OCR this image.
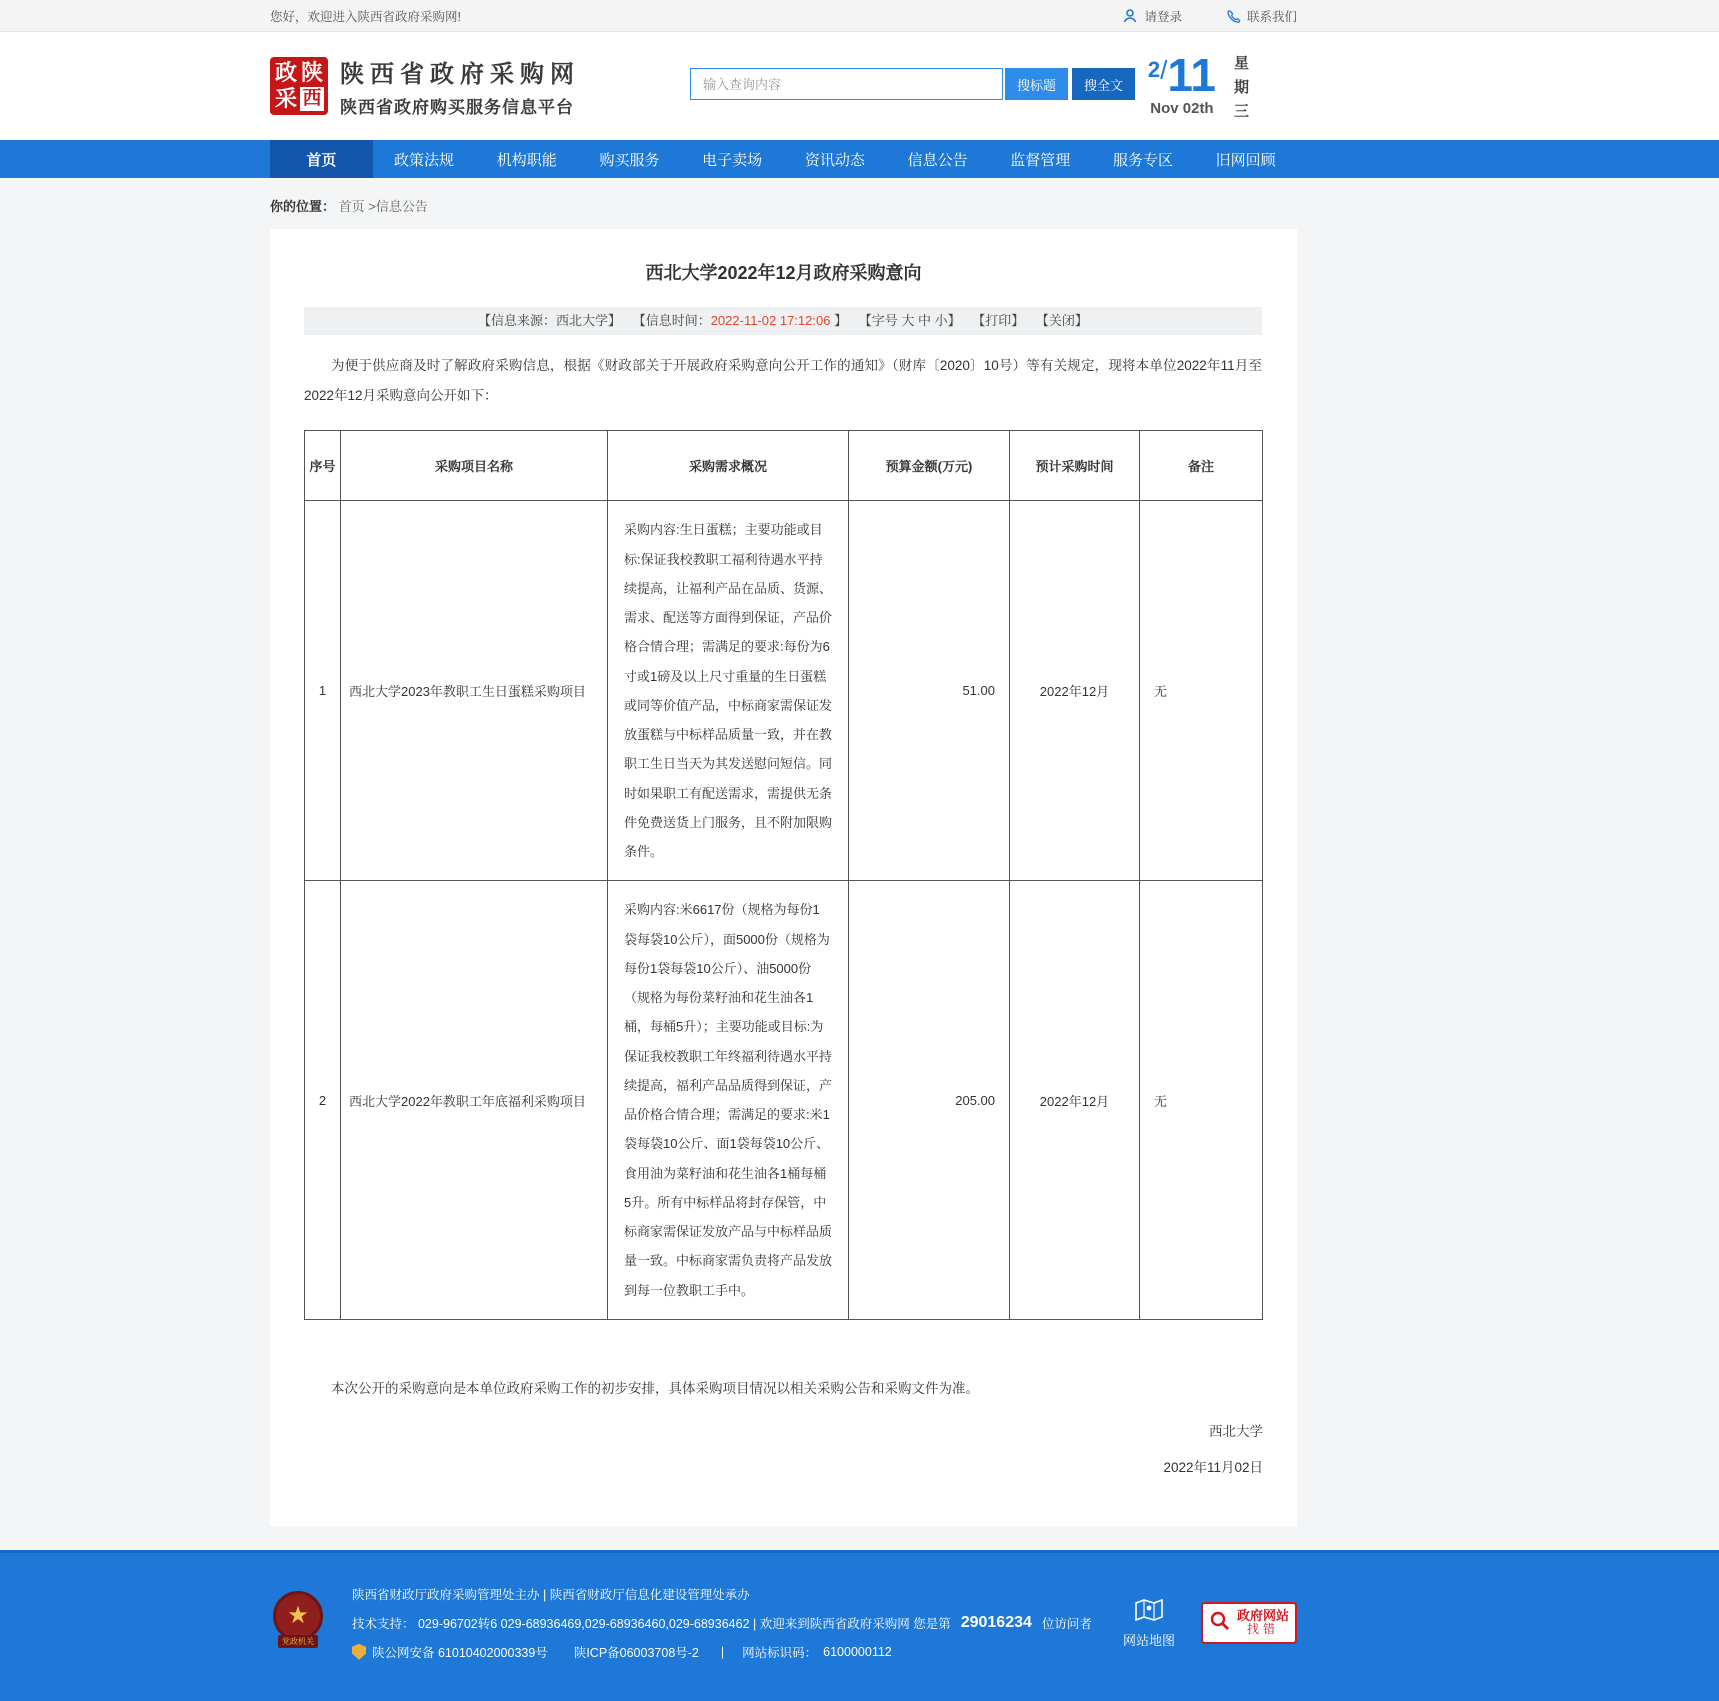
您好，欢迎进入陕西省政府采购网!	请登录	联系我们
政 陕
采 西
陕西省政府采购网
陕西省政府购买服务信息平台
输入查询内容
搜标题	搜全文
2/11
Nov 02th
星期三
首页	政策法规	机构职能	购买服务	电子卖场	资讯动态	信息公告	监督管理	服务专区	旧网回顾
你的位置： 首页 >信息公告
西北大学2022年12月政府采购意向
【信息来源：西北大学】 【信息时间：2022-11-02 17:12:06 】 【字号 大 中 小】 【打印】 【关闭】

为便于供应商及时了解政府采购信息，根据《财政部关于开展政府采购意向公开工作的通知》（财库〔2020〕10号）等有关规定，现将本单位2022年11月至2022年12月采购意向公开如下：

序号	采购项目名称	采购需求概况	预算金额(万元)	预计采购时间	备注
1	西北大学2023年教职工生日蛋糕采购项目	采购内容:生日蛋糕；主要功能或目标:保证我校教职工福利待遇水平持续提高，让福利产品在品质、货源、需求、配送等方面得到保证，产品价格合情合理；需满足的要求:每份为6寸或1磅及以上尺寸重量的生日蛋糕或同等价值产品，中标商家需保证发放蛋糕与中标样品质量一致，并在教职工生日当天为其发送慰问短信。同时如果职工有配送需求，需提供无条件免费送货上门服务，且不附加限购条件。	51.00	2022年12月	无
2	西北大学2022年教职工年底福利采购项目	采购内容:米6617份（规格为每份1袋每袋10公斤），面5000份（规格为每份1袋每袋10公斤）、油5000份（规格为每份菜籽油和花生油各1桶，每桶5升）；主要功能或目标:为保证我校教职工年终福利待遇水平持续提高，福利产品品质得到保证，产品价格合情合理；需满足的要求:米1袋每袋10公斤、面1袋每袋10公斤、食用油为菜籽油和花生油各1桶每桶5升。所有中标样品将封存保管，中标商家需保证发放产品与中标样品质量一致。中标商家需负责将产品发放到每一位教职工手中。	205.00	2022年12月	无

本次公开的采购意向是本单位政府采购工作的初步安排，具体采购项目情况以相关采购公告和采购文件为准。

西北大学

2022年11月02日

★
党政机关
陕西省财政厅政府采购管理处主办 | 陕西省财政厅信息化建设管理处承办
技术支持： 029-96702转6 029-68936469,029-68936460,029-68936462 | 欢迎来到陕西省政府采购网 您是第 29016234 位访问者
陕公网安备 61010402000339号 陕ICP备06003708号-2 | 网站标识码： 6100000112
网站地图
政府网站
找错
